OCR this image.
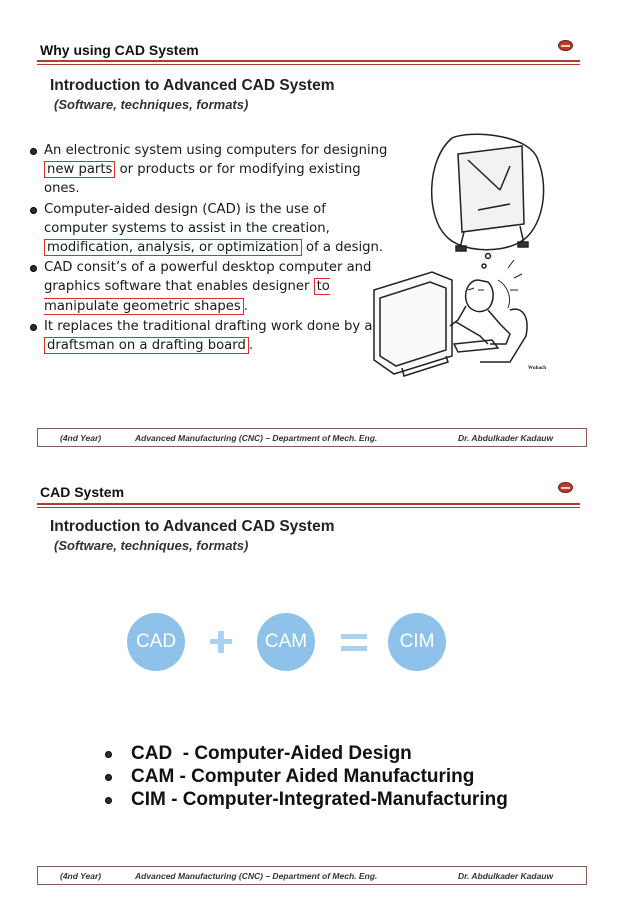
Why using CAD System
Introduction to Advanced CAD System
(Software, techniques, formats)
An electronic system using computers for designing new parts or products or for modifying existing ones.
Computer-aided design (CAD) is the use of computer systems to assist in the creation, modification, analysis, or optimization of a design.
CAD consit’s of a powerful desktop computer and graphics software that enables designer to manipulate geometric shapes .
It replaces the traditional drafting work done by a draftsman on a drafting board .
Wubach
(4nd Year)	Advanced Manufacturing (CNC) – Department of Mech. Eng.	Dr. Abdulkader Kadauw
CAD System
Introduction to Advanced CAD System
(Software, techniques, formats)
CAD	CAM	CIM
CAD  - Computer-Aided Design
CAM - Computer Aided Manufacturing
CIM - Computer-Integrated-Manufacturing
(4nd Year)	Advanced Manufacturing (CNC) – Department of Mech. Eng.	Dr. Abdulkader Kadauw
